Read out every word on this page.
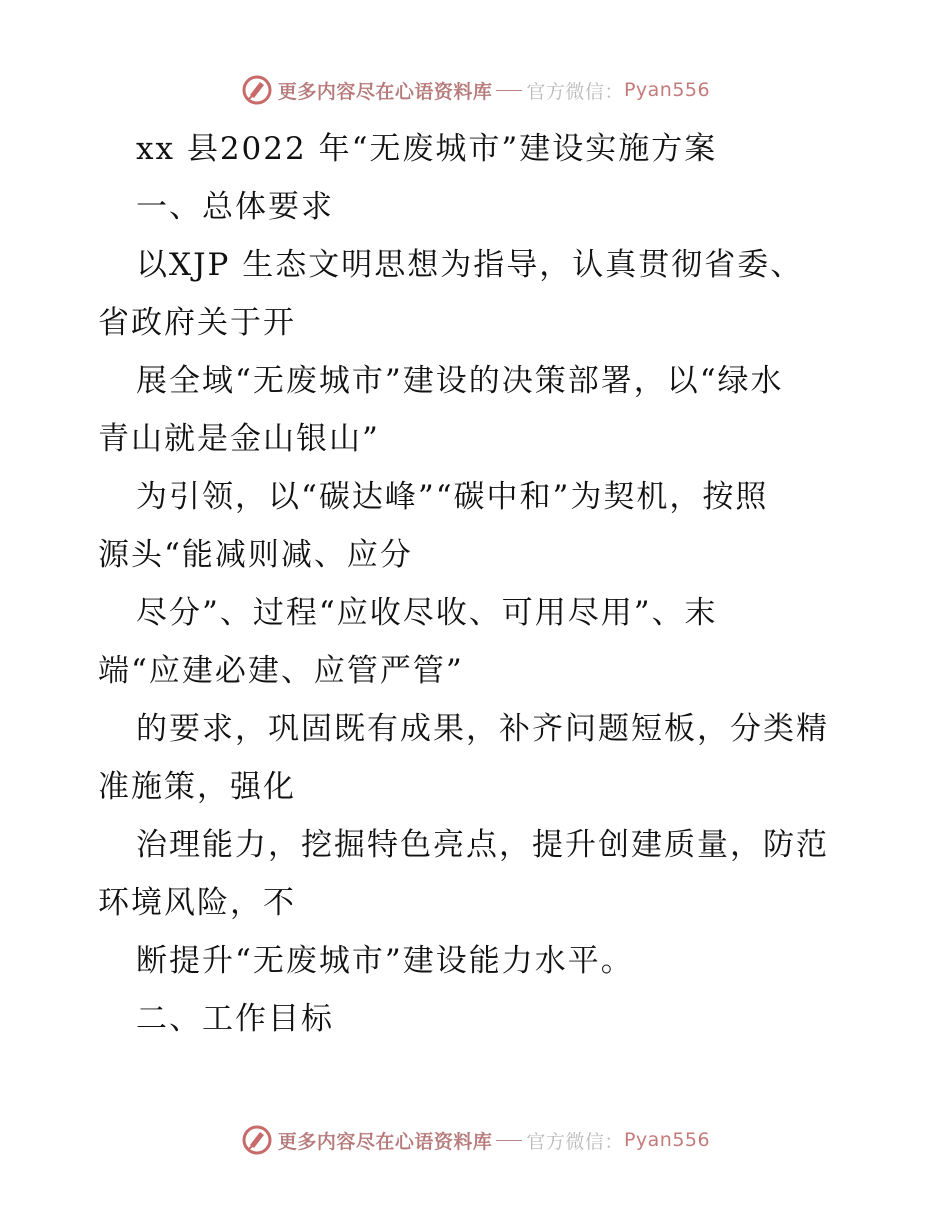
更多内容尽在心语资料库 官方微信： Pyan556
xx 县2022 年“无废城市”建设实施方案
一、总体要求
以XJP 生态文明思想为指导，认真贯彻省委、
省政府关于开
展全域“无废城市”建设的决策部署，以“绿水
青山就是金山银山”
为引领，以“碳达峰”“碳中和”为契机，按照
源头“能减则减、应分
尽分”、过程“应收尽收、可用尽用”、末
端“应建必建、应管严管”
的要求，巩固既有成果，补齐问题短板，分类精
准施策，强化
治理能力，挖掘特色亮点，提升创建质量，防范
环境风险，不
断提升“无废城市”建设能力水平。
二、工作目标
更多内容尽在心语资料库 官方微信： Pyan556
